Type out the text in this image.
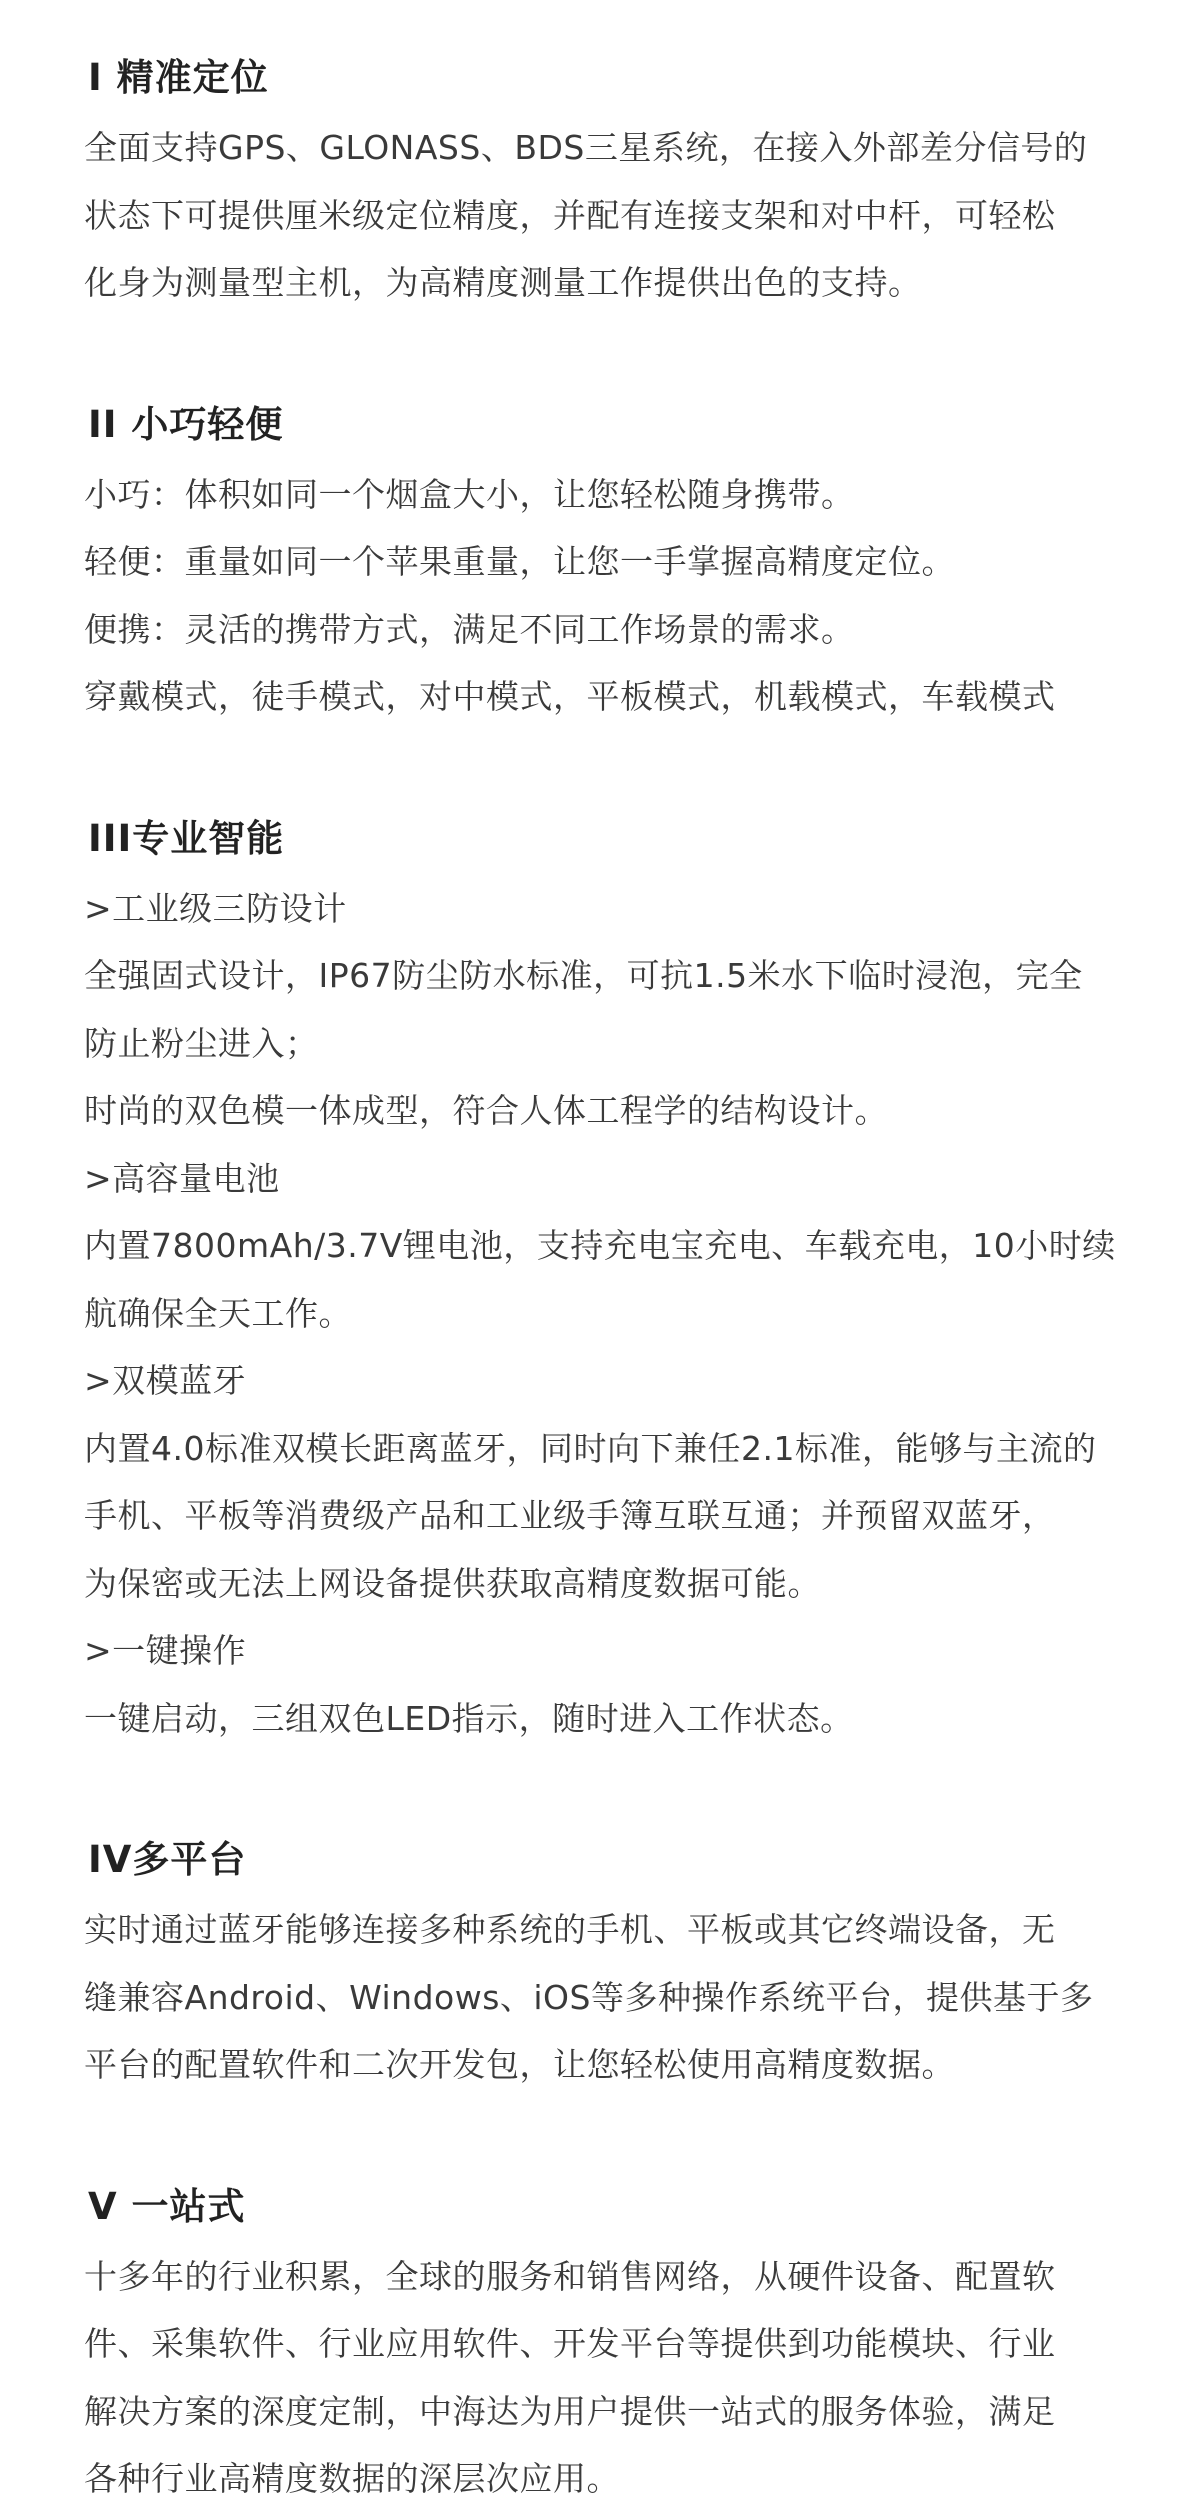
I 精准定位

全面支持GPS、GLONASS、BDS三星系统，在接入外部差分信号的

状态下可提供厘米级定位精度，并配有连接支架和对中杆，可轻松

化身为测量型主机，为高精度测量工作提供出色的支持。

II 小巧轻便

小巧：体积如同一个烟盒大小，让您轻松随身携带。

轻便：重量如同一个苹果重量，让您一手掌握高精度定位。

便携：灵活的携带方式，满足不同工作场景的需求。

穿戴模式，徒手模式，对中模式，平板模式，机载模式，车载模式

III专业智能

>工业级三防设计

全强固式设计，IP67防尘防水标准，可抗1.5米水下临时浸泡，完全

防止粉尘进入；

时尚的双色模一体成型，符合人体工程学的结构设计。

>高容量电池

内置7800mAh/3.7V锂电池，支持充电宝充电、车载充电，10小时续

航确保全天工作。

>双模蓝牙

内置4.0标准双模长距离蓝牙，同时向下兼任2.1标准，能够与主流的

手机、平板等消费级产品和工业级手簿互联互通；并预留双蓝牙，

为保密或无法上网设备提供获取高精度数据可能。

>一键操作

一键启动，三组双色LED指示，随时进入工作状态。

IV多平台

实时通过蓝牙能够连接多种系统的手机、平板或其它终端设备，无

缝兼容Android、Windows、iOS等多种操作系统平台，提供基于多

平台的配置软件和二次开发包，让您轻松使用高精度数据。

V 一站式

十多年的行业积累，全球的服务和销售网络，从硬件设备、配置软

件、采集软件、行业应用软件、开发平台等提供到功能模块、行业

解决方案的深度定制，中海达为用户提供一站式的服务体验，满足

各种行业高精度数据的深层次应用。
